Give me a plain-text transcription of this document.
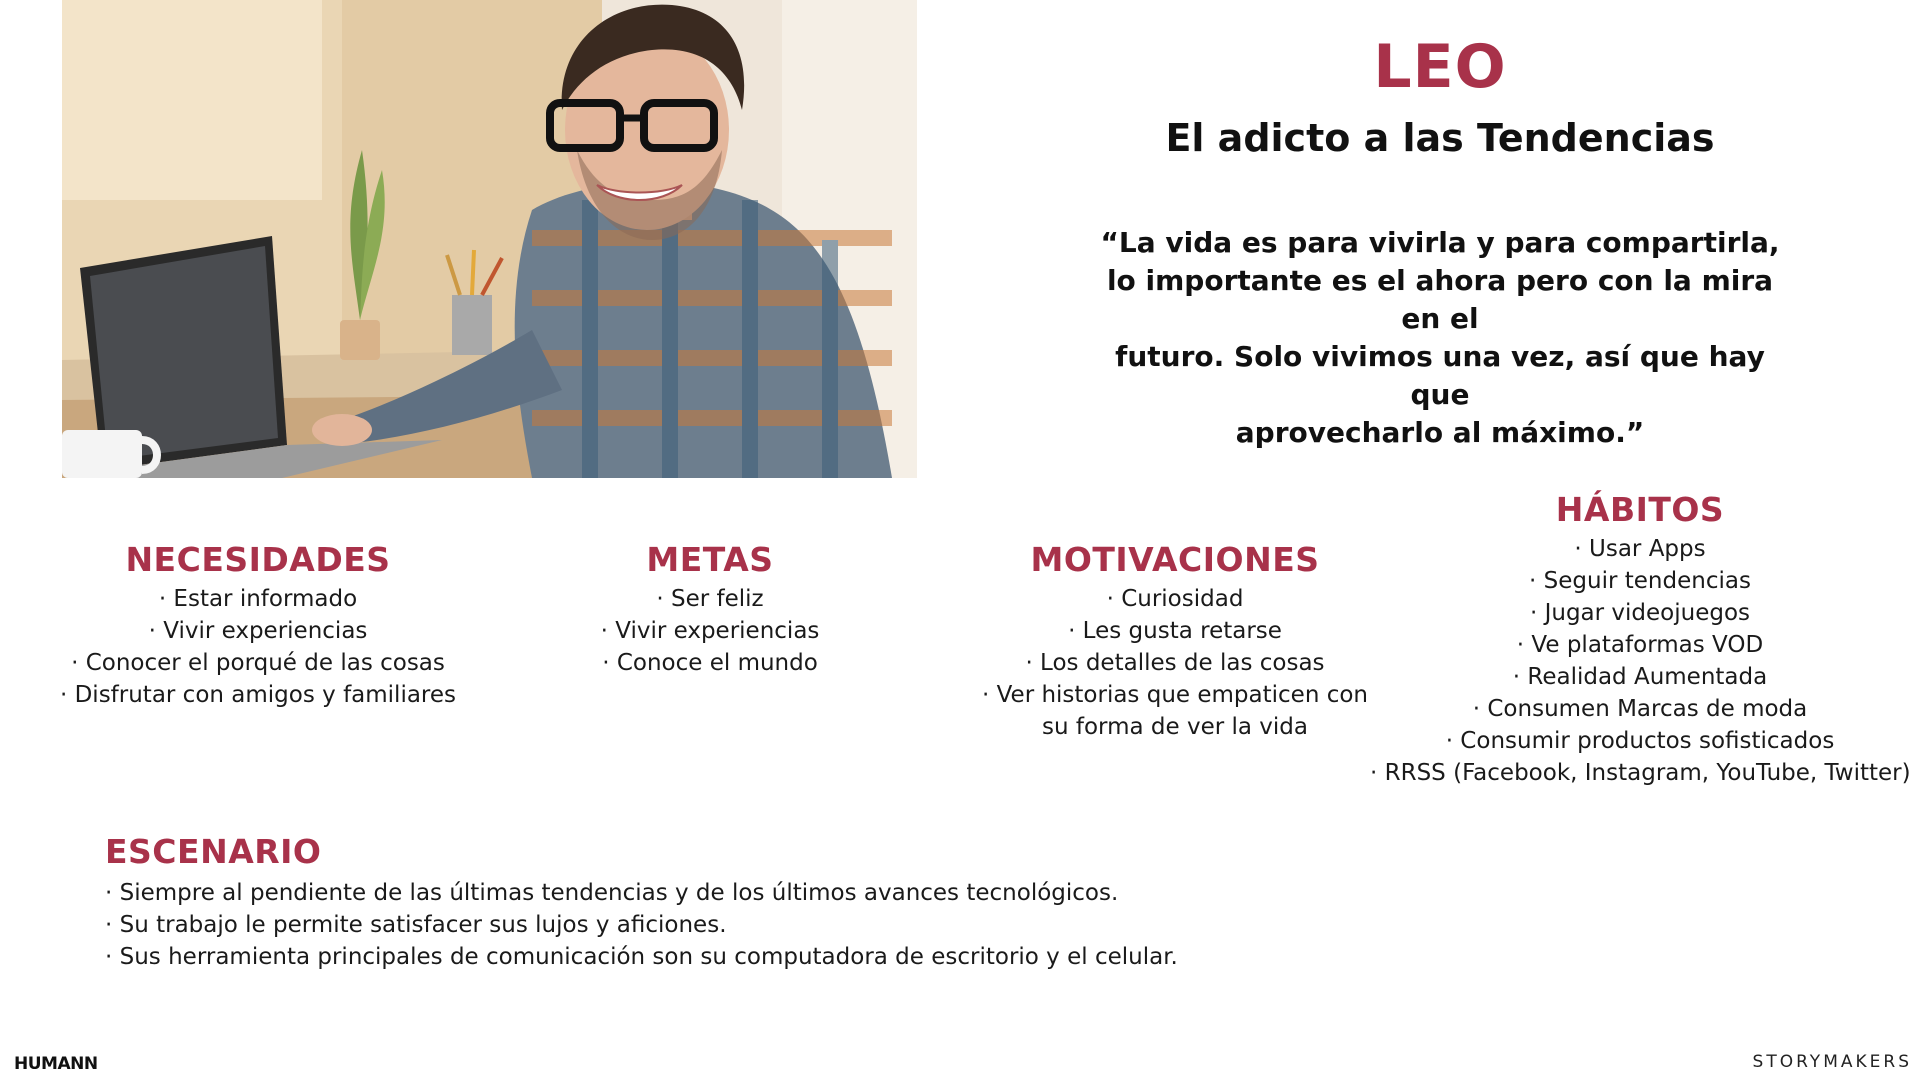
LEO
El adicto a las Tendencias
“La vida es para vivirla y para compartirla,
lo importante es el ahora pero con la mira en el
futuro. Solo vivimos una vez, así que hay que
aprovecharlo al máximo.”
NECESIDADES
· Estar informado
· Vivir experiencias
· Conocer el porqué de las cosas
· Disfrutar con amigos y familiares
METAS
· Ser feliz
· Vivir experiencias
· Conoce el mundo
MOTIVACIONES
· Curiosidad
· Les gusta retarse
· Los detalles de las cosas
· Ver historias que empaticen con
su forma de ver la vida
HÁBITOS
· Usar Apps
· Seguir tendencias
· Jugar videojuegos
· Ve plataformas VOD
· Realidad Aumentada
· Consumen Marcas de moda
· Consumir productos sofisticados
· RRSS (Facebook, Instagram, YouTube, Twitter)
ESCENARIO
· Siempre al pendiente de las últimas tendencias y de los últimos avances tecnológicos.
· Su trabajo le permite satisfacer sus lujos y aficiones.
· Sus herramienta principales de comunicación son su computadora de escritorio y el celular.
HUMANN	STORYMAKERS
